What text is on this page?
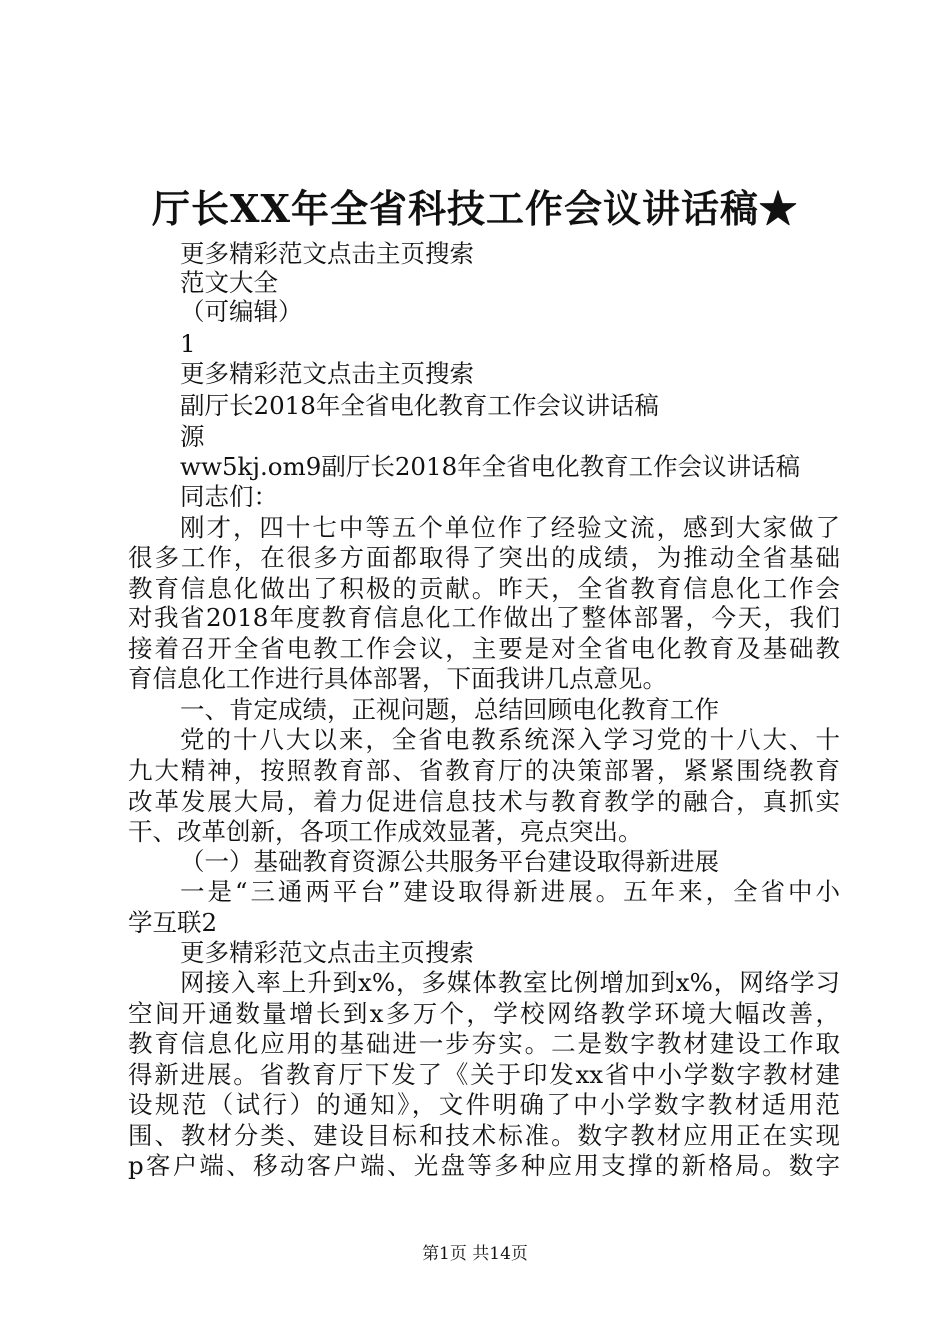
厅长XX年全省科技工作会议讲话稿★
更多精彩范文点击主页搜索
范文大全
（可编辑）
1
更多精彩范文点击主页搜索
副厅长2018年全省电化教育工作会议讲话稿
源
ww5kj.om9副厅长2018年全省电化教育工作会议讲话稿
同志们：
刚才，四十七中等五个单位作了经验文流，感到大家做了
很多工作，在很多方面都取得了突出的成绩，为推动全省基础
教育信息化做出了积极的贡献。昨天，全省教育信息化工作会
对我省2018年度教育信息化工作做出了整体部署，今天，我们
接着召开全省电教工作会议，主要是对全省电化教育及基础教
育信息化工作进行具体部署，下面我讲几点意见。
一、肯定成绩，正视问题，总结回顾电化教育工作
党的十八大以来，全省电教系统深入学习党的十八大、十
九大精神，按照教育部、省教育厅的决策部署，紧紧围绕教育
改革发展大局，着力促进信息技术与教育教学的融合，真抓实
干、改革创新，各项工作成效显著，亮点突出。
（一）基础教育资源公共服务平台建设取得新进展
一是“三通两平台”建设取得新进展。五年来，全省中小
学互联2
更多精彩范文点击主页搜索
网接入率上升到x%，多媒体教室比例增加到x%，网络学习
空间开通数量增长到x多万个，学校网络教学环境大幅改善，
教育信息化应用的基础进一步夯实。二是数字教材建设工作取
得新进展。省教育厅下发了《关于印发xx省中小学数字教材建
设规范（试行）的通知》，文件明确了中小学数字教材适用范
围、教材分类、建设目标和技术标准。数字教材应用正在实现
p客户端、移动客户端、光盘等多种应用支撑的新格局。数字
第1页 共14页
